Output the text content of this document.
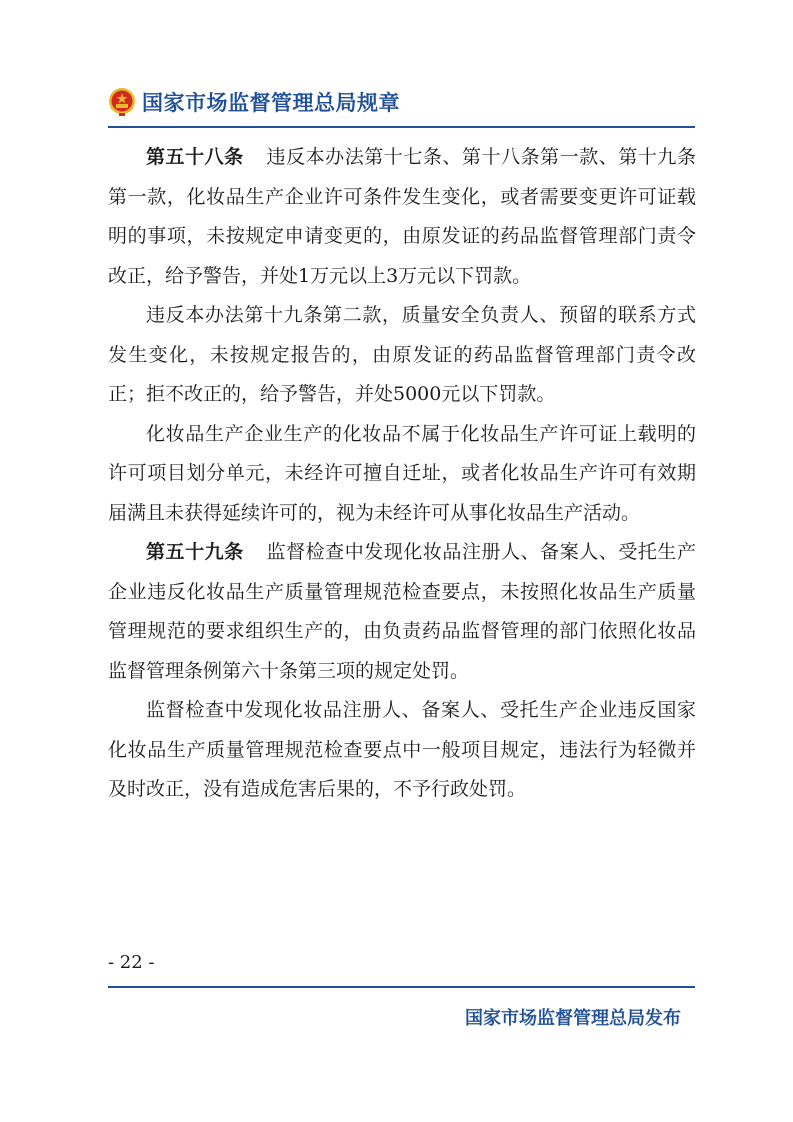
国家市场监督管理总局规章

第五十八条 违反本办法第十七条、第十八条第一款、第十九条第一款，化妆品生产企业许可条件发生变化，或者需要变更许可证载明的事项，未按规定申请变更的，由原发证的药品监督管理部门责令改正，给予警告，并处1万元以上3万元以下罚款。

违反本办法第十九条第二款，质量安全负责人、预留的联系方式发生变化，未按规定报告的，由原发证的药品监督管理部门责令改正；拒不改正的，给予警告，并处5000元以下罚款。

化妆品生产企业生产的化妆品不属于化妆品生产许可证上载明的许可项目划分单元，未经许可擅自迁址，或者化妆品生产许可有效期届满且未获得延续许可的，视为未经许可从事化妆品生产活动。

第五十九条 监督检查中发现化妆品注册人、备案人、受托生产企业违反化妆品生产质量管理规范检查要点，未按照化妆品生产质量管理规范的要求组织生产的，由负责药品监督管理的部门依照化妆品监督管理条例第六十条第三项的规定处罚。

监督检查中发现化妆品注册人、备案人、受托生产企业违反国家化妆品生产质量管理规范检查要点中一般项目规定，违法行为轻微并及时改正，没有造成危害后果的，不予行政处罚。

- 22 -
国家市场监督管理总局发布
